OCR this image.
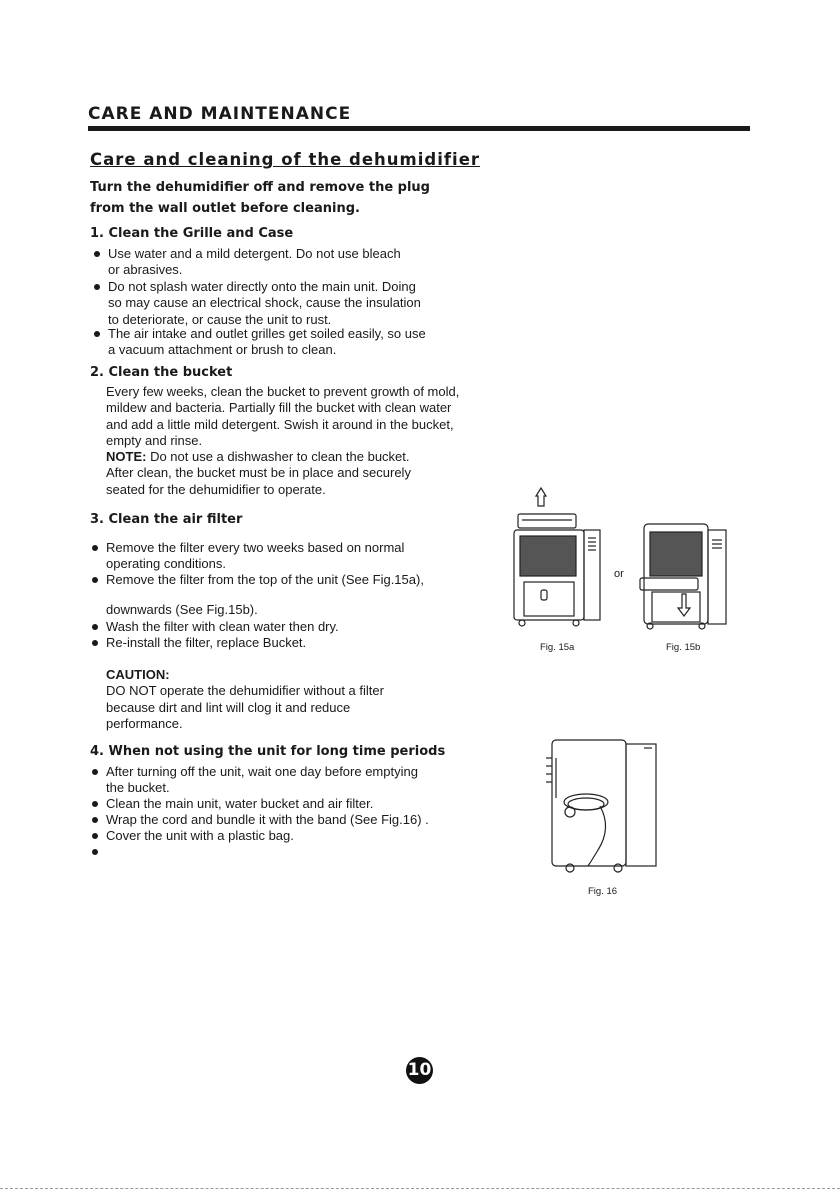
CARE AND MAINTENANCE
Care and cleaning of the dehumidifier
Turn the dehumidifier off and remove the plug
from the wall outlet before cleaning.
1. Clean the Grille and Case
Use water and a mild detergent. Do not use bleach
or abrasives.
Do not splash water directly onto the main unit. Doing
so may cause an electrical shock, cause the insulation
to deteriorate, or cause the unit to rust.
The air intake and outlet grilles get soiled easily, so use
a vacuum attachment or brush to clean.
2. Clean the bucket
Every few weeks, clean the bucket to prevent growth of mold,
mildew and bacteria. Partially fill the bucket with clean water
and add a little mild detergent. Swish it around in the bucket,
empty and rinse.
NOTE: Do not use a dishwasher to clean the bucket.
After clean, the bucket must be in place and securely
seated for the dehumidifier to operate.
3. Clean the air filter
Remove the filter every two weeks based on normal
operating conditions.
Remove the filter from the top of the unit (See Fig.15a),
downwards (See Fig.15b).
Wash the filter with clean water then dry.
Re-install the filter, replace Bucket.
CAUTION:
DO NOT operate the dehumidifier without a filter
because dirt and lint will clog it and reduce
performance.
4. When not using the unit for long time periods
After turning off the unit, wait one day before emptying
the bucket.
Clean the main unit, water bucket and air filter.
Wrap the cord and bundle it with the band (See Fig.16) .
Cover the unit with a plastic bag.
Fig. 15a
or
Fig. 15b
Fig. 16
10
